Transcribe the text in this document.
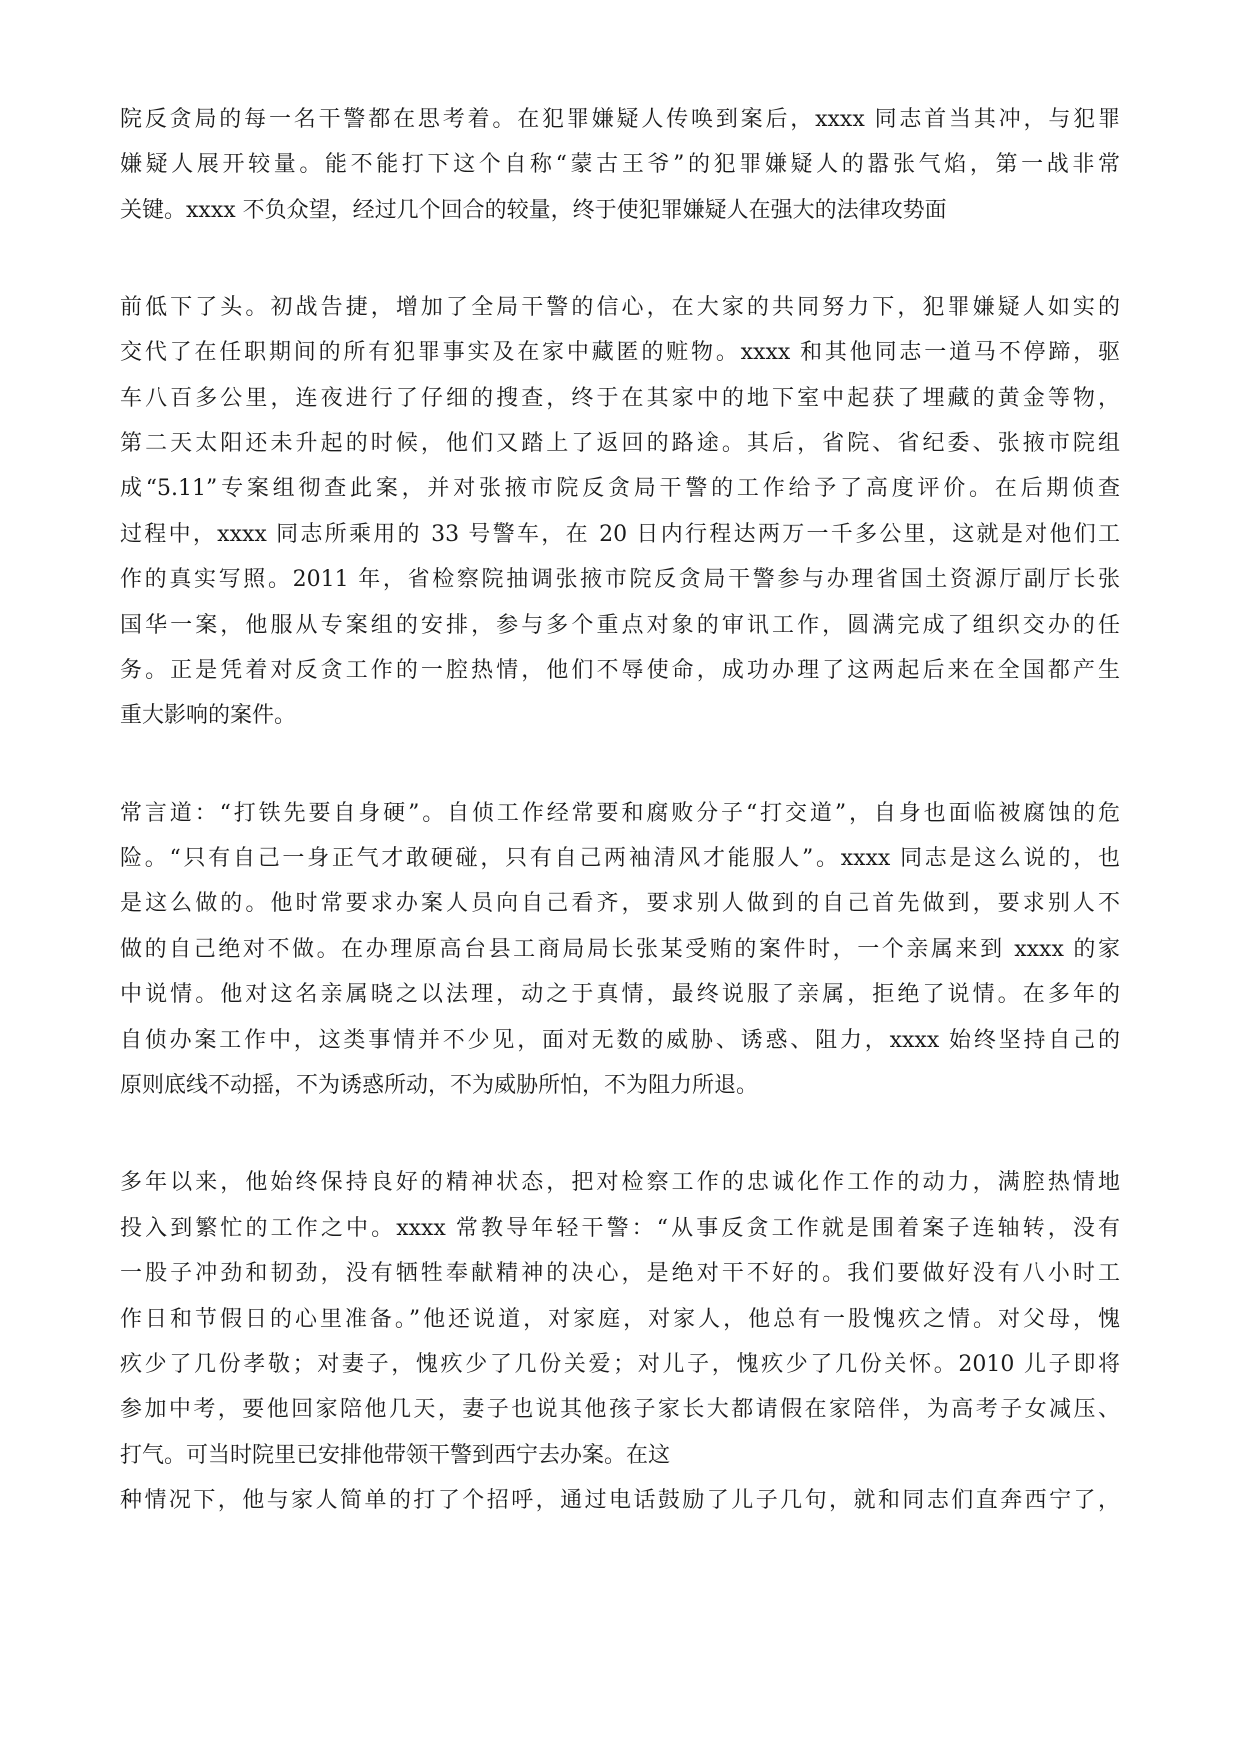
院反贪局的每一名干警都在思考着。在犯罪嫌疑人传唤到案后，xxxx 同志首当其冲，与犯罪
嫌疑人展开较量。能不能打下这个自称“蒙古王爷”的犯罪嫌疑人的嚣张气焰，第一战非常
关键。xxxx 不负众望，经过几个回合的较量，终于使犯罪嫌疑人在强大的法律攻势面
前低下了头。初战告捷，增加了全局干警的信心，在大家的共同努力下，犯罪嫌疑人如实的
交代了在任职期间的所有犯罪事实及在家中藏匿的赃物。xxxx 和其他同志一道马不停蹄，驱
车八百多公里，连夜进行了仔细的搜查，终于在其家中的地下室中起获了埋藏的黄金等物，
第二天太阳还未升起的时候，他们又踏上了返回的路途。其后，省院、省纪委、张掖市院组
成“5.11”专案组彻查此案，并对张掖市院反贪局干警的工作给予了高度评价。在后期侦查
过程中，xxxx 同志所乘用的 33 号警车，在 20 日内行程达两万一千多公里，这就是对他们工
作的真实写照。2011 年，省检察院抽调张掖市院反贪局干警参与办理省国土资源厅副厅长张
国华一案，他服从专案组的安排，参与多个重点对象的审讯工作，圆满完成了组织交办的任
务。正是凭着对反贪工作的一腔热情，他们不辱使命，成功办理了这两起后来在全国都产生
重大影响的案件。
常言道：“打铁先要自身硬”。自侦工作经常要和腐败分子“打交道”，自身也面临被腐蚀的危
险。“只有自己一身正气才敢硬碰，只有自己两袖清风才能服人”。xxxx 同志是这么说的，也
是这么做的。他时常要求办案人员向自己看齐，要求别人做到的自己首先做到，要求别人不
做的自己绝对不做。在办理原高台县工商局局长张某受贿的案件时，一个亲属来到 xxxx 的家
中说情。他对这名亲属晓之以法理，动之于真情，最终说服了亲属，拒绝了说情。在多年的
自侦办案工作中，这类事情并不少见，面对无数的威胁、诱惑、阻力，xxxx 始终坚持自己的
原则底线不动摇，不为诱惑所动，不为威胁所怕，不为阻力所退。
多年以来，他始终保持良好的精神状态，把对检察工作的忠诚化作工作的动力，满腔热情地
投入到繁忙的工作之中。xxxx 常教导年轻干警：“从事反贪工作就是围着案子连轴转，没有
一股子冲劲和韧劲，没有牺牲奉献精神的决心，是绝对干不好的。我们要做好没有八小时工
作日和节假日的心里准备。”他还说道，对家庭，对家人，他总有一股愧疚之情。对父母，愧
疚少了几份孝敬；对妻子，愧疚少了几份关爱；对儿子，愧疚少了几份关怀。2010 儿子即将
参加中考，要他回家陪他几天，妻子也说其他孩子家长大都请假在家陪伴，为高考子女减压、
打气。可当时院里已安排他带领干警到西宁去办案。在这
种情况下，他与家人简单的打了个招呼，通过电话鼓励了儿子几句，就和同志们直奔西宁了，
